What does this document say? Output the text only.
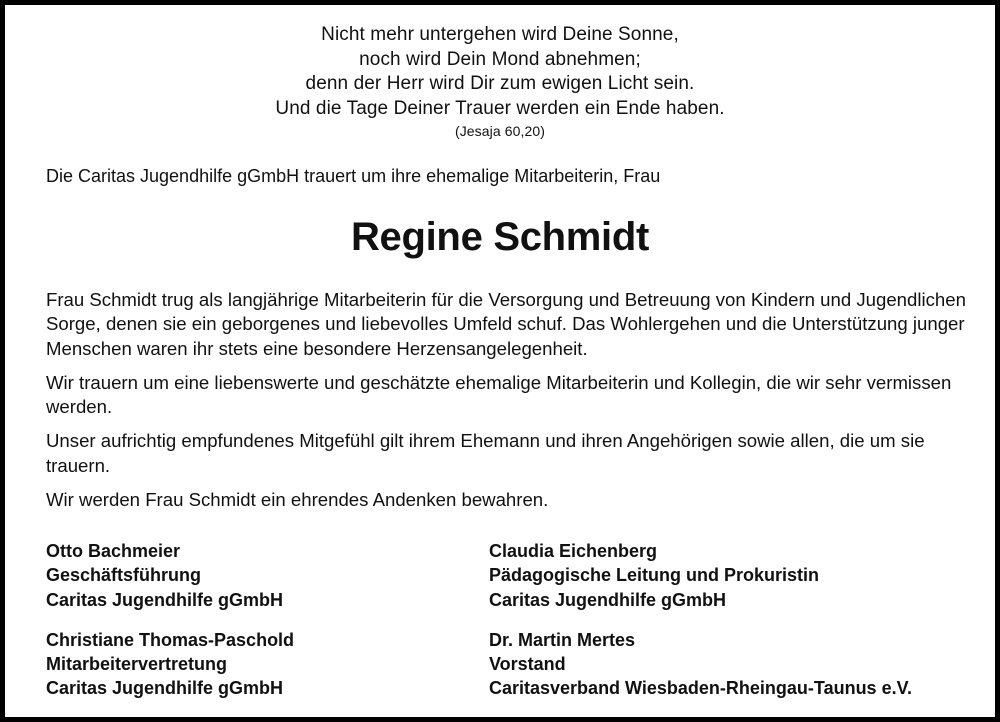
Nicht mehr untergehen wird Deine Sonne,
noch wird Dein Mond abnehmen;
denn der Herr wird Dir zum ewigen Licht sein.
Und die Tage Deiner Trauer werden ein Ende haben.
(Jesaja 60,20)
Die Caritas Jugendhilfe gGmbH trauert um ihre ehemalige Mitarbeiterin, Frau
Regine Schmidt

Frau Schmidt trug als langjährige Mitarbeiterin für die Versorgung und Betreuung von Kindern und Jugendlichen Sorge, denen sie ein geborgenes und liebevolles Umfeld schuf. Das Wohlergehen und die Unterstützung junger Menschen waren ihr stets eine besondere Herzensangelegenheit.

Wir trauern um eine liebenswerte und geschätzte ehemalige Mitarbeiterin und Kollegin, die wir sehr vermissen werden.

Unser aufrichtig empfundenes Mitgefühl gilt ihrem Ehemann und ihren Angehörigen sowie allen, die um sie trauern.

Wir werden Frau Schmidt ein ehrendes Andenken bewahren.

Otto Bachmeier
Geschäftsführung
Caritas Jugendhilfe gGmbH
Christiane Thomas-Paschold
Mitarbeitervertretung
Caritas Jugendhilfe gGmbH
Claudia Eichenberg
Pädagogische Leitung und Prokuristin
Caritas Jugendhilfe gGmbH
Dr. Martin Mertes
Vorstand
Caritasverband Wiesbaden-Rheingau-Taunus e.V.
